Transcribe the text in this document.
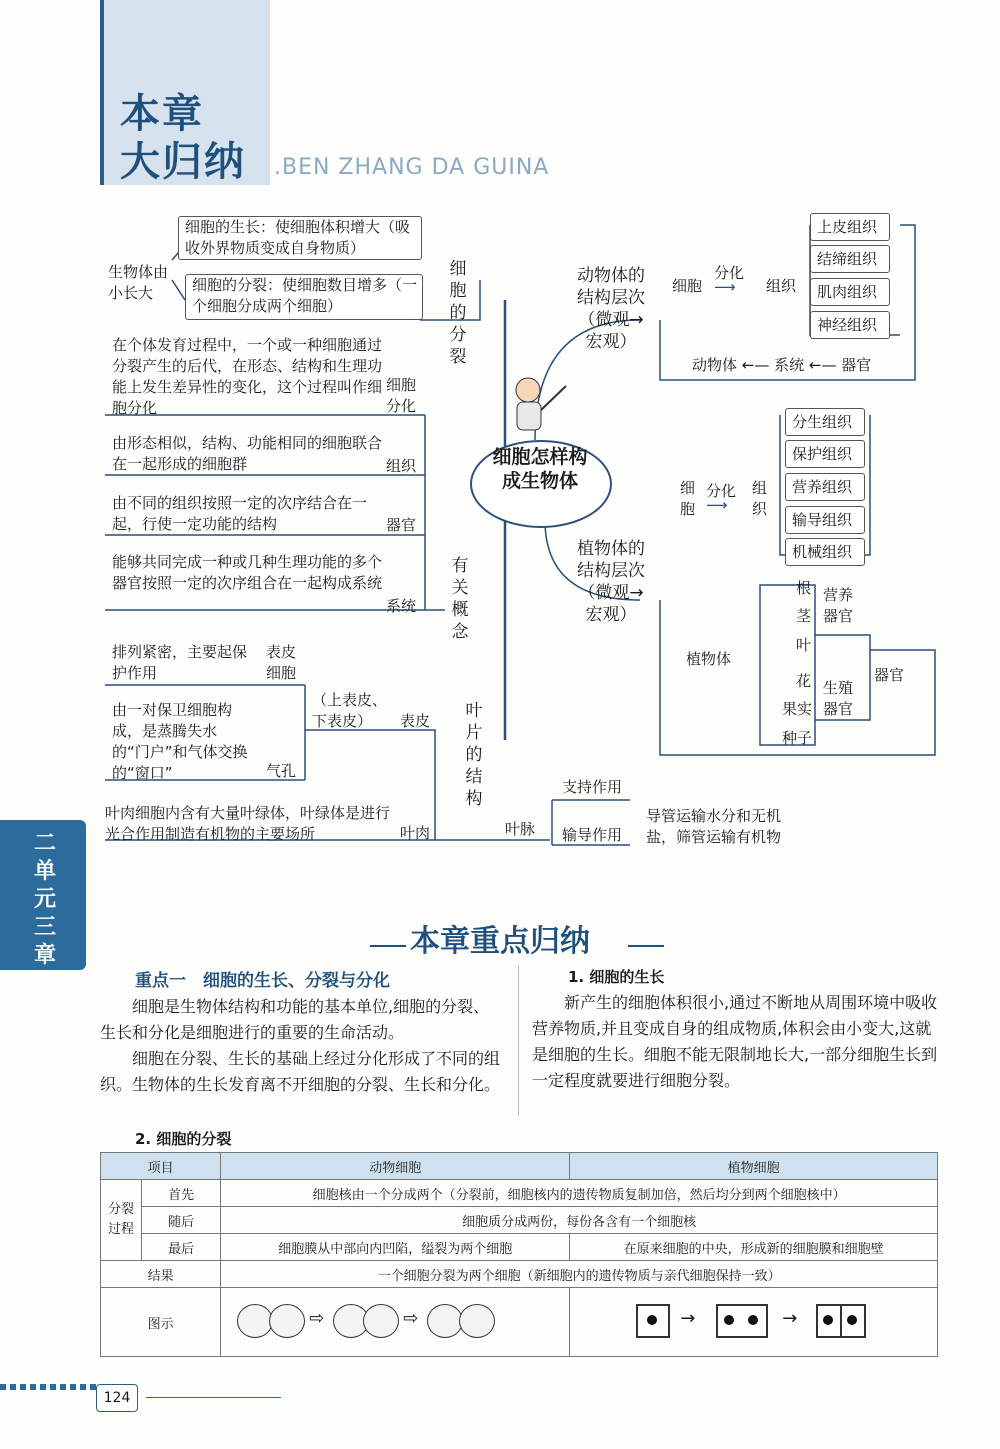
本章
大归纳 .BEN ZHANG DA GUINA
细胞怎样构成生物体
细胞的分裂
生物体由小长大
细胞的生长：使细胞体积增大（吸收外界物质变成自身物质）
细胞的分裂：使细胞数目增多（一个细胞分成两个细胞）
有关概念
在个体发育过程中，一个或一种细胞通过分裂产生的后代，在形态、结构和生理功能上发生差异性的变化，这个过程叫作细胞分化
细胞分化
由形态相似，结构、功能相同的细胞联合在一起形成的细胞群	组织
由不同的组织按照一定的次序结合在一起，行使一定功能的结构	器官
能够共同完成一种或几种生理功能的多个器官按照一定的次序组合在一起构成系统
系统
叶片的结构
排列紧密，主要起保护作用
表皮细胞
由一对保卫细胞构成，是蒸腾失水的“门户”和气体交换的“窗口”	气孔
（上表皮、下表皮）	表皮
叶肉细胞内含有大量叶绿体，叶绿体是进行光合作用制造有机物的主要场所	叶肉	叶脉
支持作用
输导作用
导管运输水分和无机盐，筛管运输有机物
动物体的结构层次（微观→宏观）
细胞
分化
⟶ 组织
上皮组织
结缔组织
肌肉组织
神经组织
动物体 ←— 系统 ←— 器官
植物体的结构层次（微观→宏观）
细胞
分化
⟶
组织
分生组织
保护组织
营养组织
输导组织
机械组织
植物体
器官
根
茎
叶
花
果实
种子
营养器官
生殖器官
二单元三章	本章重点归纳
重点一　细胞的生长、分裂与分化
细胞是生物体结构和功能的基本单位,细胞的分裂、生长和分化是细胞进行的重要的生命活动。
细胞在分裂、生长的基础上经过分化形成了不同的组织。生物体的生长发育离不开细胞的分裂、生长和分化。
1. 细胞的生长
新产生的细胞体积很小,通过不断地从周围环境中吸收营养物质,并且变成自身的组成物质,体积会由小变大,这就是细胞的生长。细胞不能无限制地长大,一部分细胞生长到一定程度就要进行细胞分裂。
2. 细胞的分裂
项目		动物细胞	植物细胞
分裂过程	首先	细胞核由一个分成两个（分裂前，细胞核内的遗传物质复制加倍，然后均分到两个细胞核中）	
	随后	细胞质分成两份，每份各含有一个细胞核	
	最后	细胞膜从中部向内凹陷，缢裂为两个细胞	在原来细胞的中央，形成新的细胞膜和细胞壁
结果		一个细胞分裂为两个细胞（新细胞内的遗传物质与亲代细胞保持一致）	
图示		⇨ ⇨	→ →
124
